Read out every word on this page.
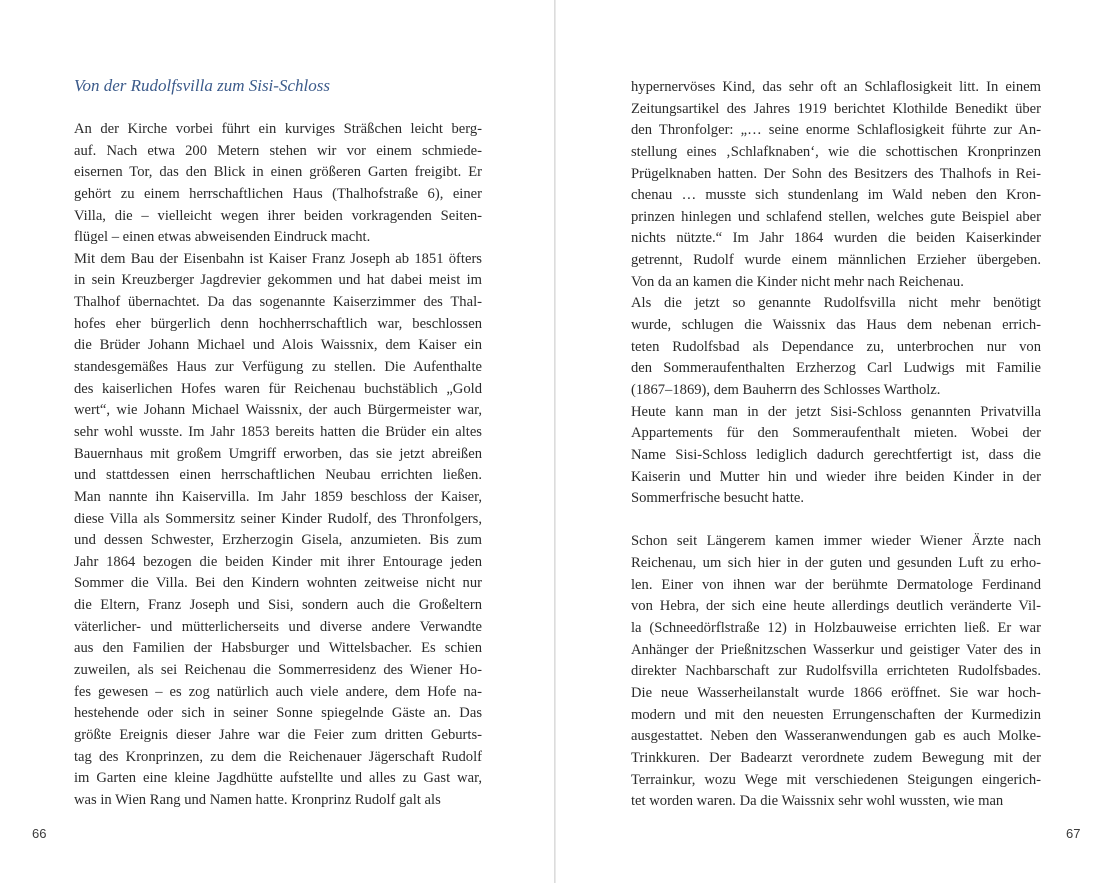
Von der Rudolfsvilla zum Sisi-Schloss
An der Kirche vorbei führt ein kurviges Sträßchen leicht berg-
auf. Nach etwa 200 Metern stehen wir vor einem schmiede-
eisernen Tor, das den Blick in einen größeren Garten freigibt. Er
gehört zu einem herrschaftlichen Haus (Thalhofstraße 6), einer
Villa, die – vielleicht wegen ihrer beiden vorkragenden Seiten-
flügel – einen etwas abweisenden Eindruck macht.
Mit dem Bau der Eisenbahn ist Kaiser Franz Joseph ab 1851 öfters
in sein Kreuzberger Jagdrevier gekommen und hat dabei meist im
Thalhof übernachtet. Da das sogenannte Kaiserzimmer des Thal-
hofes eher bürgerlich denn hochherrschaftlich war, beschlossen
die Brüder Johann Michael und Alois Waissnix, dem Kaiser ein
standesgemäßes Haus zur Verfügung zu stellen. Die Aufenthalte
des kaiserlichen Hofes waren für Reichenau buchstäblich „Gold
wert“, wie Johann Michael Waissnix, der auch Bürgermeister war,
sehr wohl wusste. Im Jahr 1853 bereits hatten die Brüder ein altes
Bauernhaus mit großem Umgriff erworben, das sie jetzt abreißen
und stattdessen einen herrschaftlichen Neubau errichten ließen.
Man nannte ihn Kaiservilla. Im Jahr 1859 beschloss der Kaiser,
diese Villa als Sommersitz seiner Kinder Rudolf, des Thronfolgers,
und dessen Schwester, Erzherzogin Gisela, anzumieten. Bis zum
Jahr 1864 bezogen die beiden Kinder mit ihrer Entourage jeden
Sommer die Villa. Bei den Kindern wohnten zeitweise nicht nur
die Eltern, Franz Joseph und Sisi, sondern auch die Großeltern
väterlicher- und mütterlicherseits und diverse andere Verwandte
aus den Familien der Habsburger und Wittelsbacher. Es schien
zuweilen, als sei Reichenau die Sommerresidenz des Wiener Ho-
fes gewesen – es zog natürlich auch viele andere, dem Hofe na-
hestehende oder sich in seiner Sonne spiegelnde Gäste an. Das
größte Ereignis dieser Jahre war die Feier zum dritten Geburts-
tag des Kronprinzen, zu dem die Reichenauer Jägerschaft Rudolf
im Garten eine kleine Jagdhütte aufstellte und alles zu Gast war,
was in Wien Rang und Namen hatte. Kronprinz Rudolf galt als
66
hypernervöses Kind, das sehr oft an Schlaflosigkeit litt. In einem
Zeitungsartikel des Jahres 1919 berichtet Klothilde Benedikt über
den Thronfolger: „… seine enorme Schlaflosigkeit führte zur An-
stellung eines ‚Schlafknaben‘, wie die schottischen Kronprinzen
Prügelknaben hatten. Der Sohn des Besitzers des Thalhofs in Rei-
chenau … musste sich stundenlang im Wald neben den Kron-
prinzen hinlegen und schlafend stellen, welches gute Beispiel aber
nichts nützte.“ Im Jahr 1864 wurden die beiden Kaiserkinder
getrennt, Rudolf wurde einem männlichen Erzieher übergeben.
Von da an kamen die Kinder nicht mehr nach Reichenau.
Als die jetzt so genannte Rudolfsvilla nicht mehr benötigt
wurde, schlugen die Waissnix das Haus dem nebenan errich-
teten Rudolfsbad als Dependance zu, unterbrochen nur von
den Sommeraufenthalten Erzherzog Carl Ludwigs mit Familie
(1867–1869), dem Bauherrn des Schlosses Wartholz.
Heute kann man in der jetzt Sisi-Schloss genannten Privatvilla
Appartements für den Sommeraufenthalt mieten. Wobei der
Name Sisi-Schloss lediglich dadurch gerechtfertigt ist, dass die
Kaiserin und Mutter hin und wieder ihre beiden Kinder in der
Sommerfrische besucht hatte.
Schon seit Längerem kamen immer wieder Wiener Ärzte nach
Reichenau, um sich hier in der guten und gesunden Luft zu erho-
len. Einer von ihnen war der berühmte Dermatologe Ferdinand
von Hebra, der sich eine heute allerdings deutlich veränderte Vil-
la (Schneedörflstraße 12) in Holzbauweise errichten ließ. Er war
Anhänger der Prießnitzschen Wasserkur und geistiger Vater des in
direkter Nachbarschaft zur Rudolfsvilla errichteten Rudolfsbades.
Die neue Wasserheilanstalt wurde 1866 eröffnet. Sie war hoch-
modern und mit den neuesten Errungenschaften der Kurmedizin
ausgestattet. Neben den Wasseranwendungen gab es auch Molke-
Trinkkuren. Der Badearzt verordnete zudem Bewegung mit der
Terrainkur, wozu Wege mit verschiedenen Steigungen eingerich-
tet worden waren. Da die Waissnix sehr wohl wussten, wie man
67
